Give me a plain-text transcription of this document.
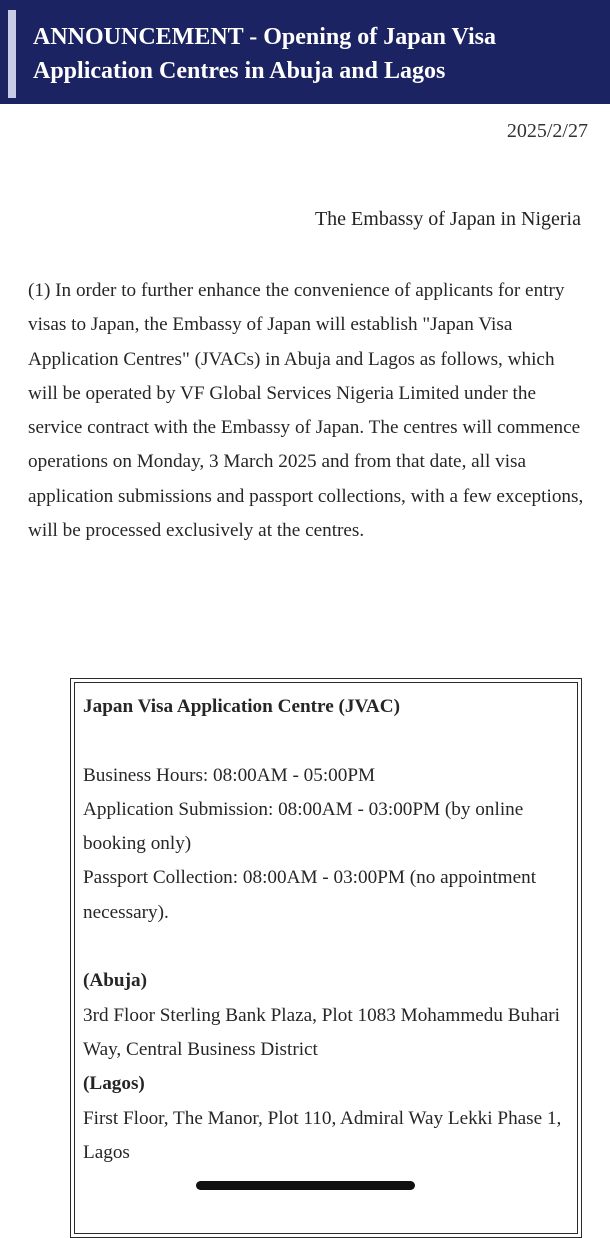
ANNOUNCEMENT - Opening of Japan Visa Application Centres in Abuja and Lagos
2025/2/27
The Embassy of Japan in Nigeria

(1) In order to further enhance the convenience of applicants for entry visas to Japan, the Embassy of Japan will establish "Japan Visa Application Centres" (JVACs) in Abuja and Lagos as follows, which will be operated by VF Global Services Nigeria Limited under the service contract with the Embassy of Japan. The centres will commence operations on Monday, 3 March 2025 and from that date, all visa application submissions and passport collections, with a few exceptions, will be processed exclusively at the centres.

Japan Visa Application Centre (JVAC)
Business Hours: 08:00AM - 05:00PM
Application Submission: 08:00AM - 03:00PM (by online booking only)
Passport Collection: 08:00AM - 03:00PM (no appointment necessary).
(Abuja)
3rd Floor Sterling Bank Plaza, Plot 1083 Mohammedu Buhari Way, Central Business District
(Lagos)
First Floor, The Manor, Plot 110, Admiral Way Lekki Phase 1, Lagos
